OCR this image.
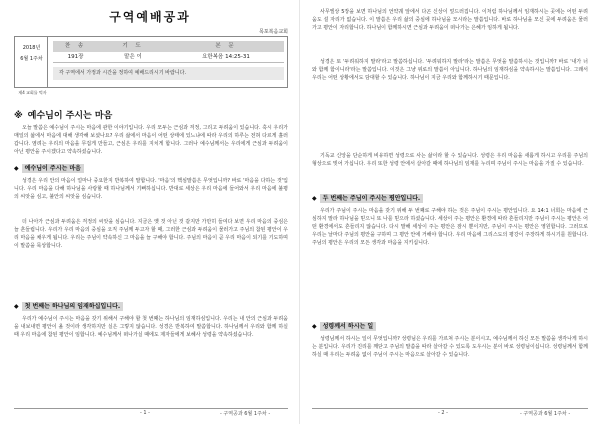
구역예배공과
목포복음교회
2018년
6월 1주차
찬 송	기 도	본 문
191장	맡은 이	요한복음 14:25-31
각 구역에서 가정과 시간을 정하여 예배드리시기 바랍니다.
제4 교회를 먹자
※ 예수님이 주시는 마음
오늘 말씀은 예수님이 주시는 마음에 관한 이야기입니다. 우리 모두는 근심과 걱정, 그리고 두려움이 있습니다. 혹시 우리가 매일의 삶에서 마음에 대해 생각해 보셨나요? 우리 삶에서 마음이 어떤 상태에 있느냐에 따라 우리의 하루는 전혀 다르게 흘러갑니다. 염려는 우리의 마음을 무겁게 만들고, 근심은 우리를 지치게 합니다. 그러나 예수님께서는 우리에게 근심과 두려움이 아닌 평안을 주시겠다고 약속하셨습니다.
◆ 예수님이 주시는 마음
성경은 우리 안의 마음이 얼마나 중요한지 반복하여 말합니다. '마음'의 핵심말씀은 무엇입니까? 바로 '마음을 다하는 것'입니다. 우리 마음을 다해 하나님을 사랑할 때 하나님께서 기뻐하십니다. 반대로 세상은 우리 마음에 들어와서 우리 마음에 불평의 씨앗을 심고, 불안의 씨앗을 심습니다.
더 나아가 근심과 두려움은 걱정의 씨앗을 심습니다. 지금은 옛 것 아닌 것 같지만 가만히 들여다 보면 우리 마음의 중심은 늘 흔들립니다. 우리가 우리 마음의 중심을 오직 주님께 두고자 할 때, 그러한 근심과 두려움이 물러가고 주님의 참된 평안이 우리 마음을 채우게 됩니다. 우리는 주님이 약속하신 그 마음을 늘 구해야 합니다. 주님의 마음이 곧 우리 마음이 되기를 기도하며 이 말씀을 묵상합니다.
◆ 첫 번째는 하나님의 임재하십입니다.
우리가 예수님이 주시는 마음을 갖기 위해서 구해야 할 첫 번째는 하나님의 임재하심입니다. 우리는 내 안의 근심과 두려움을 내보내면 평안이 올 것이라 생각하지만 실은 그렇지 않습니다. 성경은 반복하여 말씀합니다. 하나님께서 우리와 함께 하실 때 우리 마음에 참된 평안이 임합니다. 예수님께서 떠나가실 때에도 제자들에게 보혜사 성령을 약속하셨습니다.
- 1 -	- 구역공과 6월 1주차 -
사무엘상 5장을 보면 하나님의 언약궤 앞에서 다곤 신상이 엎드러집니다. 이처럼 하나님께서 임재하시는 곳에는 어떤 두려움도 설 자리가 없습니다. 이 말씀은 우리 삶의 중심에 하나님을 모시라는 말씀입니다. 바로 하나님을 모신 곳에 두려움은 물러가고 평안이 자리합니다. 하나님이 함께하시면 근심과 두려움이 떠나가는 은혜가 임하게 됩니다.
성경은 또 '두려워하지 말라'라고 말씀하십니다. '두려워하지 말라'라는 말씀은 무엇을 말씀하시는 것입니까? 바로 '내가 너와 함께 함이니라'라는 말씀입니다. 이것은 그냥 위로의 말씀이 아닙니다. 하나님의 임재하심을 약속하시는 말씀입니다. 그래서 우리는 어떤 상황에서도 담대할 수 있습니다. 하나님이 지금 우리와 함께하시기 때문입니다.
기독교 신앙을 단순하게 비유하면 성령으로 사는 삶이라 할 수 있습니다. 성령은 우리 마음을 새롭게 하시고 우리를 주님의 형상으로 빚어 가십니다. 우리 또한 성령 안에서 살아갈 때에 하나님의 임재를 누리며 주님이 주시는 마음을 가질 수 있습니다.
◆ 두 번째는 주님이 주시는 평안입니다.
우리가 주님이 주시는 마음을 갖기 위해 두 번째로 구해야 하는 것은 주님이 주시는 평안입니다. 요 14:1 너희는 마음에 근심하지 말라 하나님을 믿으니 또 나를 믿으라 하셨습니다. 세상이 주는 평안은 환경에 따라 흔들리지만 주님이 주시는 평안은 어떤 환경에서도 흔들리지 않습니다. 다시 말해 세상이 주는 평안은 잠시 뿐이지만, 주님이 주시는 평안은 영원합니다. 그러므로 우리는 날마다 주님의 평안을 구하며 그 평안 안에 거해야 합니다. 우리 마음에 그리스도의 평강이 주장하게 하시기를 원합니다. 주님의 평안은 우리의 모든 생각과 마음을 지키십니다.
◆ 성령께서 하시는 일
성령님께서 하시는 일이 무엇입니까? 성령님은 우리를 가르쳐 주시는 분이시고, 예수님께서 하신 모든 말씀을 생각나게 하시는 분입니다. 우리가 진리를 깨닫고 주님의 말씀을 따라 살아갈 수 있도록 도우시는 분이 바로 성령님이십니다. 성령님께서 함께하실 때 우리는 두려움 없이 주님이 주시는 마음으로 살아갈 수 있습니다.
- 2 -	- 구역공과 6월 1주차 -
